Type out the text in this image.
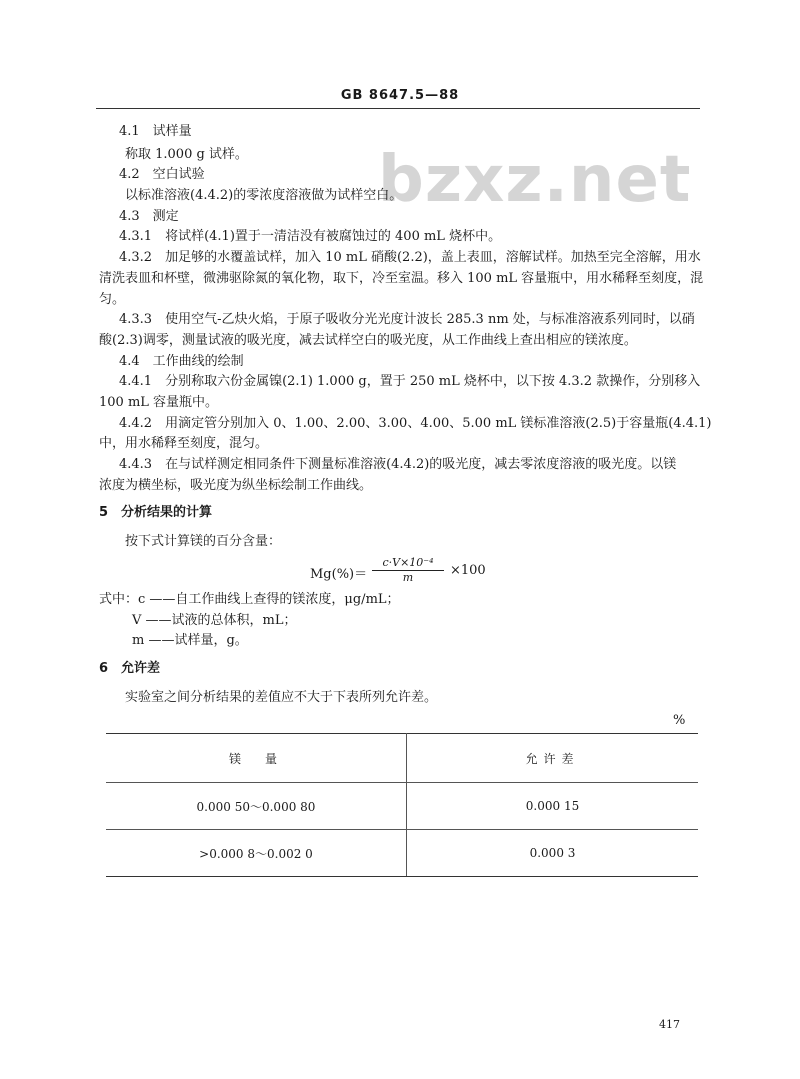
GB 8647.5—88
bzxz.net
4.1　试样量
称取 1.000 g 试样。
4.2　空白试验
以标准溶液(4.4.2)的零浓度溶液做为试样空白。
4.3　测定
4.3.1　将试样(4.1)置于一清洁没有被腐蚀过的 400 mL 烧杯中。
4.3.2　加足够的水覆盖试样，加入 10 mL 硝酸(2.2)，盖上表皿，溶解试样。加热至完全溶解，用水
清洗表皿和杯壁，微沸驱除氮的氧化物，取下，冷至室温。移入 100 mL 容量瓶中，用水稀释至刻度，混
匀。
4.3.3　使用空气-乙炔火焰，于原子吸收分光光度计波长 285.3 nm 处，与标准溶液系列同时，以硝
酸(2.3)调零，测量试液的吸光度，减去试样空白的吸光度，从工作曲线上查出相应的镁浓度。
4.4　工作曲线的绘制
4.4.1　分别称取六份金属镍(2.1) 1.000 g，置于 250 mL 烧杯中，以下按 4.3.2 款操作，分别移入
100 mL 容量瓶中。
4.4.2　用滴定管分别加入 0、1.00、2.00、3.00、4.00、5.00 mL 镁标准溶液(2.5)于容量瓶(4.4.1)
中，用水稀释至刻度，混匀。
4.4.3　在与试样测定相同条件下测量标准溶液(4.4.2)的吸光度，减去零浓度溶液的吸光度。以镁
浓度为横坐标，吸光度为纵坐标绘制工作曲线。
5　分析结果的计算
按下式计算镁的百分含量：
$Mg(\%)= \frac{\text{c·V×10⁻⁴}}{m} \times 100$
式中：c ——自工作曲线上查得的镁浓度，μg/mL；
V ——试液的总体积，mL；
m ——试样量，g。
6　允许差
实验室之间分析结果的差值应不大于下表所列允许差。
%
镁　量	允许差
0.000 50～0.000 80	0.000 15
>0.000 8～0.002 0	0.000 3
417
